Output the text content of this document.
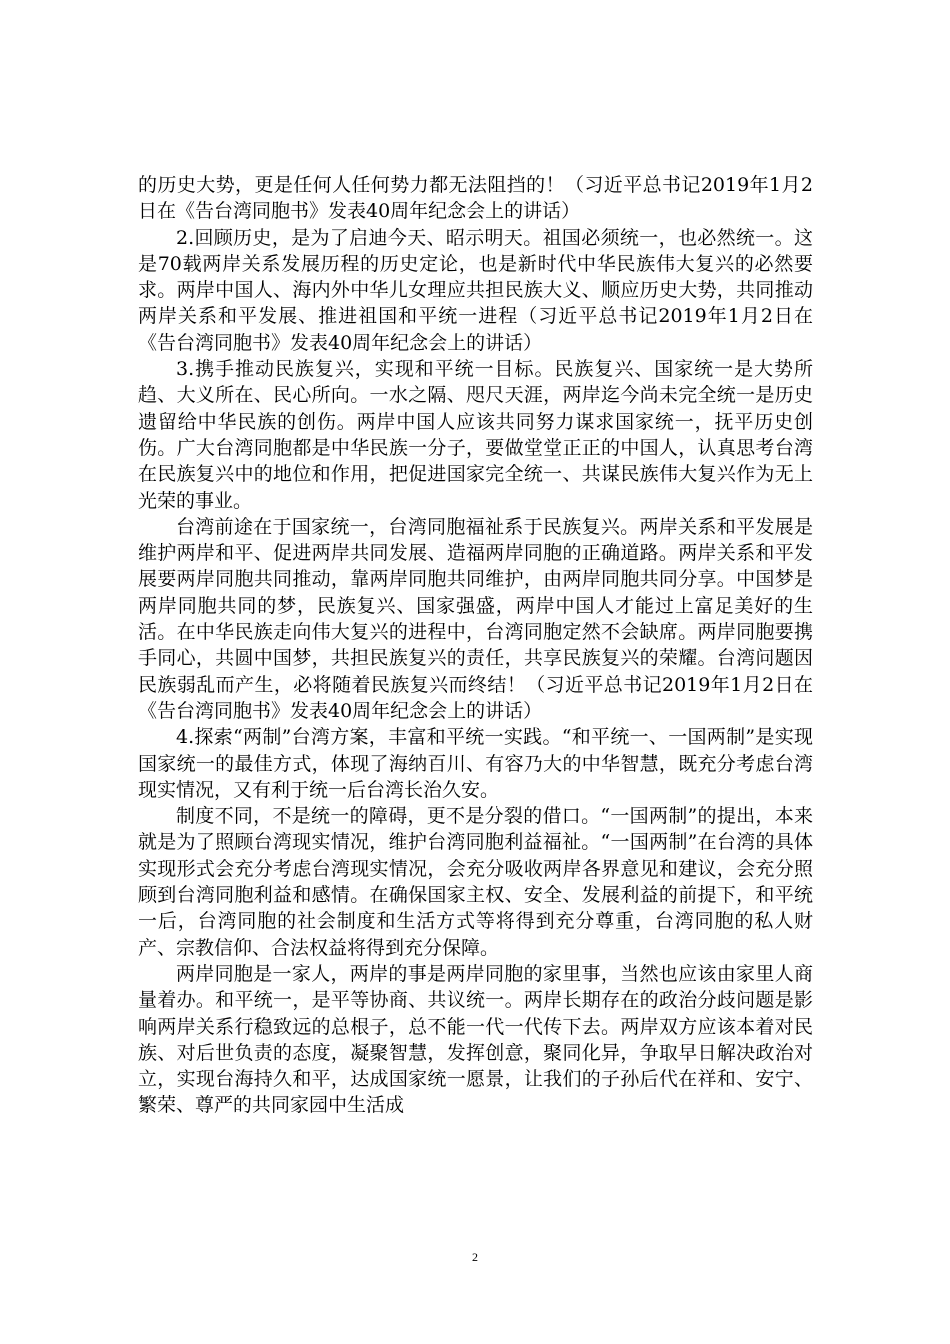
的历史大势，更是任何人任何势力都无法阻挡的！（习近平总书记2019年1月2日在《告台湾同胞书》发表40周年纪念会上的讲话）

2.回顾历史，是为了启迪今天、昭示明天。祖国必须统一，也必然统一。这是70载两岸关系发展历程的历史定论，也是新时代中华民族伟大复兴的必然要求。两岸中国人、海内外中华儿女理应共担民族大义、顺应历史大势，共同推动两岸关系和平发展、推进祖国和平统一进程（习近平总书记2019年1月2日在《告台湾同胞书》发表40周年纪念会上的讲话）

3.携手推动民族复兴，实现和平统一目标。民族复兴、国家统一是大势所趋、大义所在、民心所向。一水之隔、咫尺天涯，两岸迄今尚未完全统一是历史遗留给中华民族的创伤。两岸中国人应该共同努力谋求国家统一，抚平历史创伤。广大台湾同胞都是中华民族一分子，要做堂堂正正的中国人，认真思考台湾在民族复兴中的地位和作用，把促进国家完全统一、共谋民族伟大复兴作为无上光荣的事业。

台湾前途在于国家统一，台湾同胞福祉系于民族复兴。两岸关系和平发展是维护两岸和平、促进两岸共同发展、造福两岸同胞的正确道路。两岸关系和平发展要两岸同胞共同推动，靠两岸同胞共同维护，由两岸同胞共同分享。中国梦是两岸同胞共同的梦，民族复兴、国家强盛，两岸中国人才能过上富足美好的生活。在中华民族走向伟大复兴的进程中，台湾同胞定然不会缺席。两岸同胞要携手同心，共圆中国梦，共担民族复兴的责任，共享民族复兴的荣耀。台湾问题因民族弱乱而产生，必将随着民族复兴而终结！（习近平总书记2019年1月2日在《告台湾同胞书》发表40周年纪念会上的讲话）

4.探索“两制”台湾方案，丰富和平统一实践。“和平统一、一国两制”是实现国家统一的最佳方式，体现了海纳百川、有容乃大的中华智慧，既充分考虑台湾现实情况，又有利于统一后台湾长治久安。

制度不同，不是统一的障碍，更不是分裂的借口。“一国两制”的提出，本来就是为了照顾台湾现实情况，维护台湾同胞利益福祉。“一国两制”在台湾的具体实现形式会充分考虑台湾现实情况，会充分吸收两岸各界意见和建议，会充分照顾到台湾同胞利益和感情。在确保国家主权、安全、发展利益的前提下，和平统一后，台湾同胞的社会制度和生活方式等将得到充分尊重，台湾同胞的私人财产、宗教信仰、合法权益将得到充分保障。

两岸同胞是一家人，两岸的事是两岸同胞的家里事，当然也应该由家里人商量着办。和平统一，是平等协商、共议统一。两岸长期存在的政治分歧问题是影响两岸关系行稳致远的总根子，总不能一代一代传下去。两岸双方应该本着对民族、对后世负责的态度，凝聚智慧，发挥创意，聚同化异，争取早日解决政治对立，实现台海持久和平，达成国家统一愿景，让我们的子孙后代在祥和、安宁、繁荣、尊严的共同家园中生活成

2
